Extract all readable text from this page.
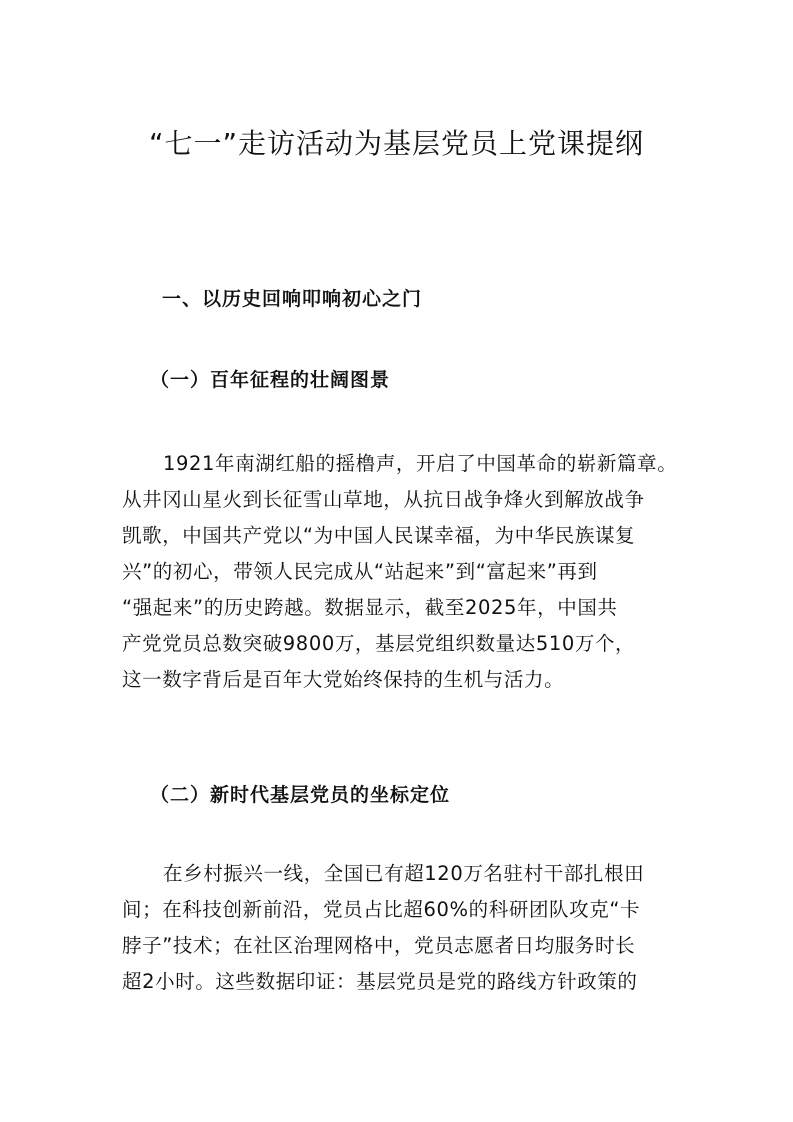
“七一”走访活动为基层党员上党课提纲
一、以历史回响叩响初心之门
（一）百年征程的壮阔图景
1921年南湖红船的摇橹声，开启了中国革命的崭新篇章。
从井冈山星火到长征雪山草地，从抗日战争烽火到解放战争
凯歌，中国共产党以“为中国人民谋幸福，为中华民族谋复
兴”的初心，带领人民完成从“站起来”到“富起来”再到
“强起来”的历史跨越。数据显示，截至2025年，中国共
产党党员总数突破9800万，基层党组织数量达510万个，
这一数字背后是百年大党始终保持的生机与活力。
（二）新时代基层党员的坐标定位
在乡村振兴一线，全国已有超120万名驻村干部扎根田
间；在科技创新前沿，党员占比超60%的科研团队攻克“卡
脖子”技术；在社区治理网格中，党员志愿者日均服务时长
超2小时。这些数据印证：基层党员是党的路线方针政策的
